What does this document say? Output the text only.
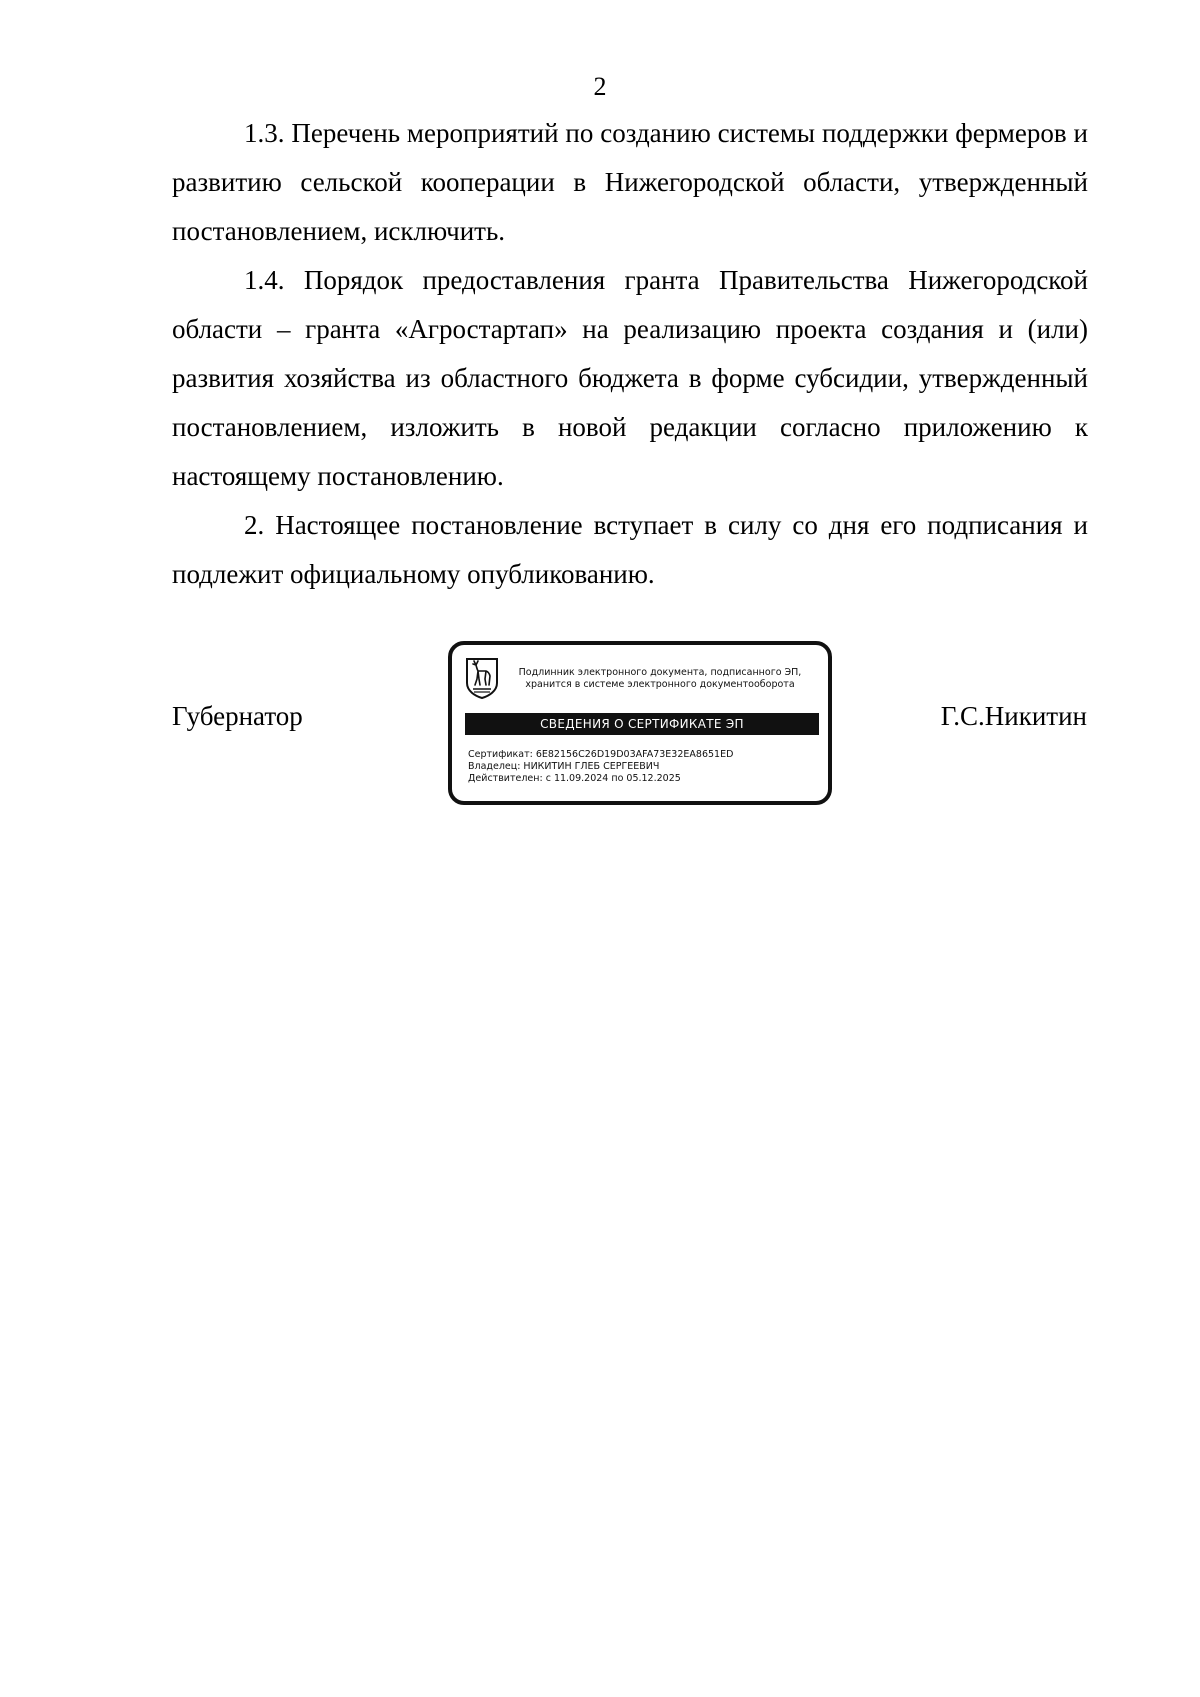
2

1.3. Перечень мероприятий по созданию системы поддержки фермеров и развитию сельской кооперации в Нижегородской области, утвержденный постановлением, исключить.

1.4. Порядок предоставления гранта Правительства Нижегородской области – гранта «Агростартап» на реализацию проекта создания и (или) развития хозяйства из областного бюджета в форме субсидии, утвержденный постановлением, изложить в новой редакции согласно приложению к настоящему постановлению.

2. Настоящее постановление вступает в силу со дня его подписания и подлежит официальному опубликованию.

Губернатор
Подлинник электронного документа, подписанного ЭП,
хранится в системе электронного документооборота
СВЕДЕНИЯ О СЕРТИФИКАТЕ ЭП
Сертификат: 6E82156C26D19D03AFA73E32EA8651ED
Владелец: НИКИТИН ГЛЕБ СЕРГЕЕВИЧ
Действителен: с 11.09.2024 по 05.12.2025
Г.С.Никитин
